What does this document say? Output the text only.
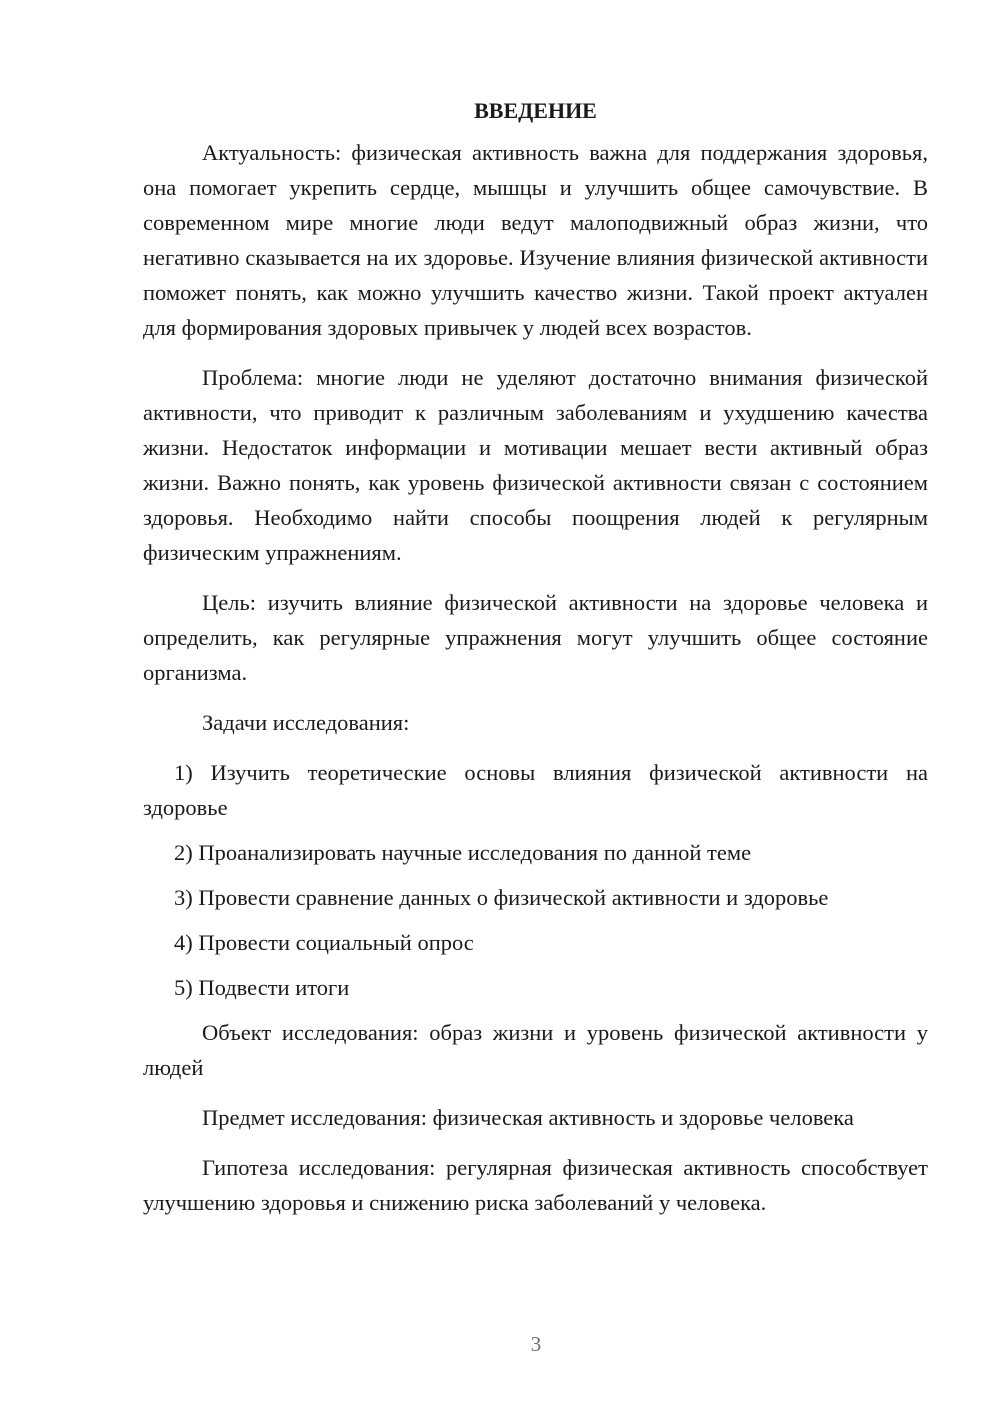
ВВЕДЕНИЕ

Актуальность: физическая активность важна для поддержания здоровья, она помогает укрепить сердце, мышцы и улучшить общее самочувствие. В современном мире многие люди ведут малоподвижный образ жизни, что негативно сказывается на их здоровье. Изучение влияния физической активности поможет понять, как можно улучшить качество жизни. Такой проект актуален для формирования здоровых привычек у людей всех возрастов.

Проблема: многие люди не уделяют достаточно внимания физической активности, что приводит к различным заболеваниям и ухудшению качества жизни. Недостаток информации и мотивации мешает вести активный образ жизни. Важно понять, как уровень физической активности связан с состоянием здоровья. Необходимо найти способы поощрения людей к регулярным физическим упражнениям.

Цель: изучить влияние физической активности на здоровье человека и определить, как регулярные упражнения могут улучшить общее состояние организма.

Задачи исследования:

1) Изучить теоретические основы влияния физической активности на здоровье

2) Проанализировать научные исследования по данной теме

3) Провести сравнение данных о физической активности и здоровье

4) Провести социальный опрос

5) Подвести итоги

Объект исследования: образ жизни и уровень физической активности у людей

Предмет исследования: физическая активность и здоровье человека

Гипотеза исследования: регулярная физическая активность способствует улучшению здоровья и снижению риска заболеваний у человека.

3
